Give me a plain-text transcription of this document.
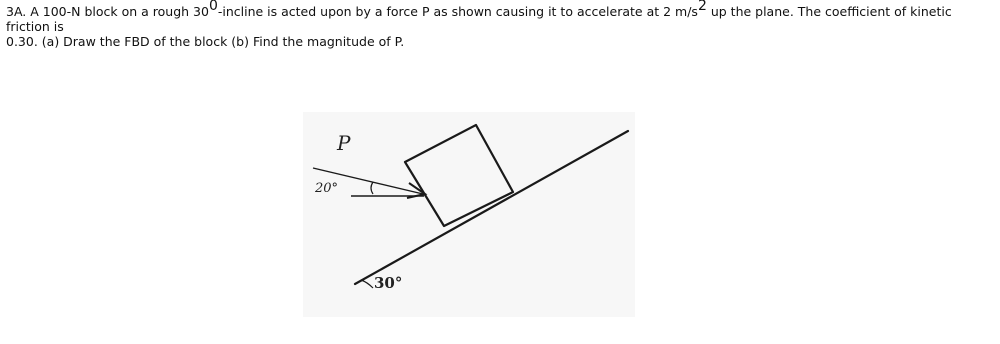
3A. A 100-N block on a rough $30^0$-incline is acted upon by a force P as shown causing it to accelerate at 2 $m/s^2$ up the plane. The coefficient of kinetic friction is
0.30. (a) Draw the FBD of the block (b) Find the magnitude of P.
P
20°
30°
